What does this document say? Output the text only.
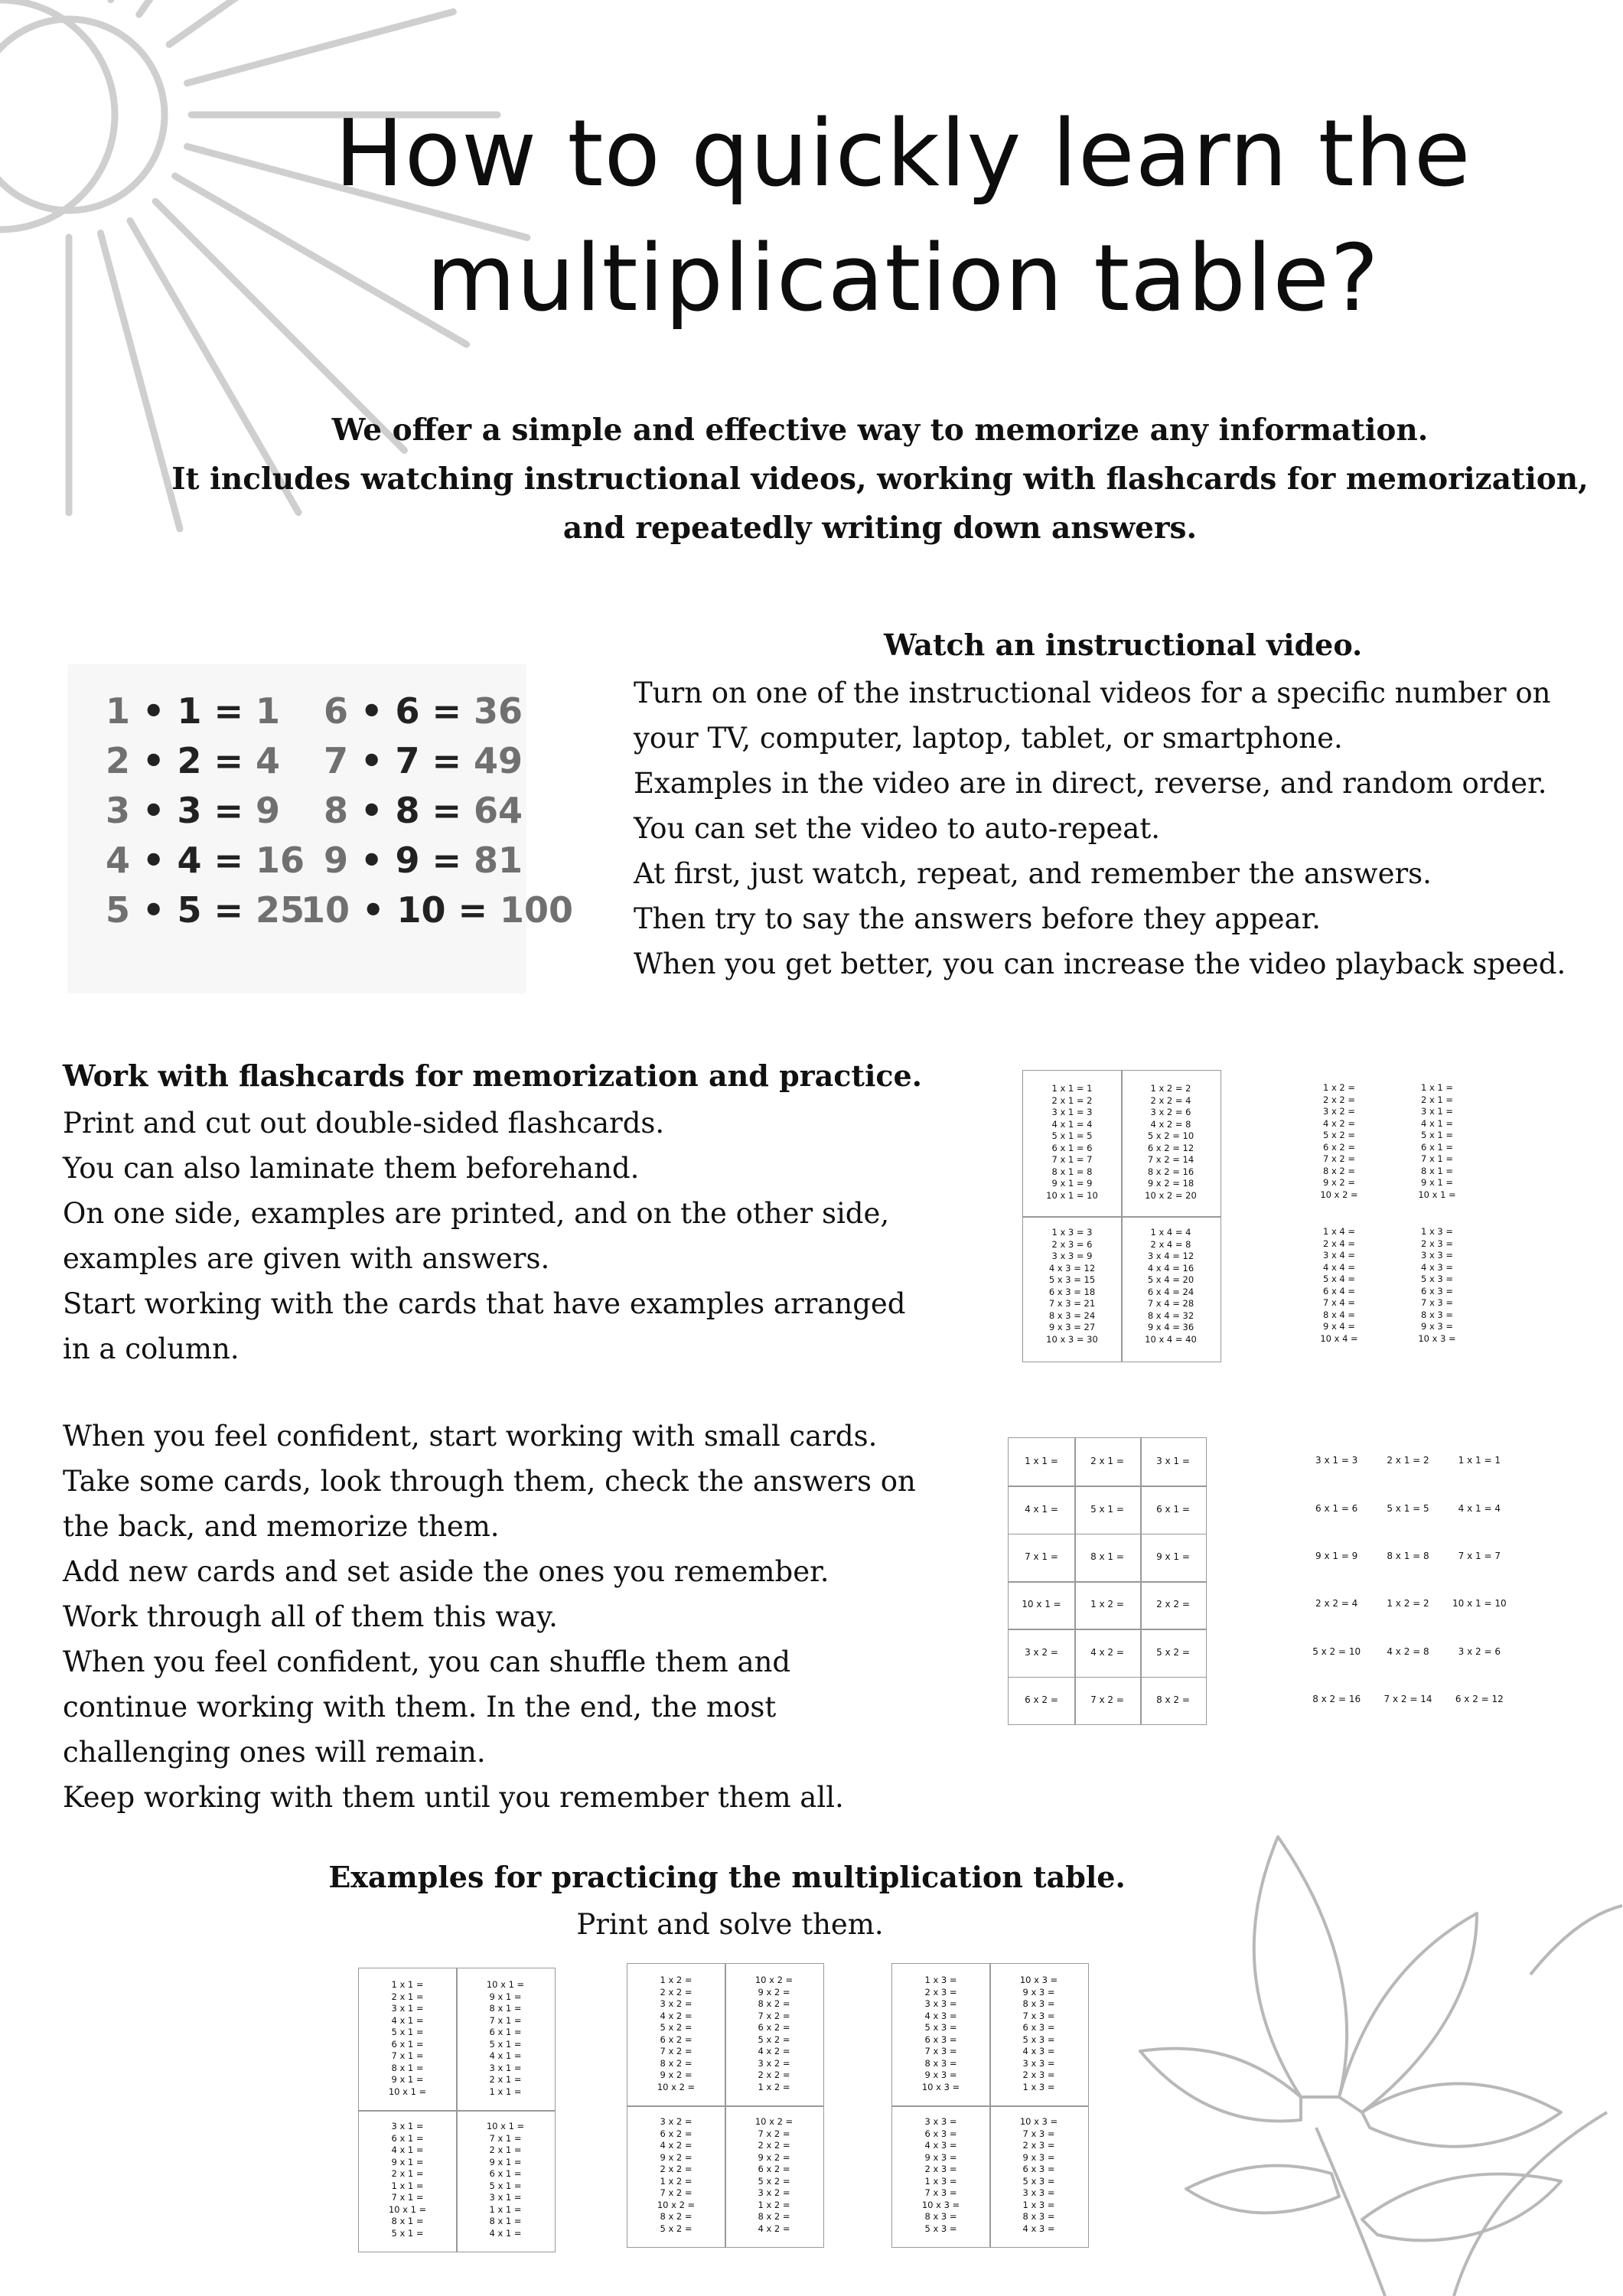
How to quickly learn the
multiplication table?
We offer a simple and effective way to memorize any information.
It includes watching instructional videos, working with flashcards for memorization,
and repeatedly writing down answers.
1 • 1 = 1
2 • 2 = 4
3 • 3 = 9
4 • 4 = 16
5 • 5 = 25
6 • 6 = 36
7 • 7 = 49
8 • 8 = 64
9 • 9 = 81
10 • 10 = 100
Watch an instructional video.
Turn on one of the instructional videos for a specific number on
your TV, computer, laptop, tablet, or smartphone.
Examples in the video are in direct, reverse, and random order.
You can set the video to auto-repeat.
At first, just watch, repeat, and remember the answers.
Then try to say the answers before they appear.
When you get better, you can increase the video playback speed.
Work with flashcards for memorization and practice.
Print and cut out double-sided flashcards.
You can also laminate them beforehand.
On one side, examples are printed, and on the other side,
examples are given with answers.
Start working with the cards that have examples arranged
in a column.
When you feel confident, start working with small cards.
Take some cards, look through them, check the answers on
the back, and memorize them.
Add new cards and set aside the ones you remember.
Work through all of them this way.
When you feel confident, you can shuffle them and
continue working with them. In the end, the most
challenging ones will remain.
Keep working with them until you remember them all.
Examples for practicing the multiplication table.
Print and solve them.
1 x 1 = 1
2 x 1 = 2
3 x 1 = 3
4 x 1 = 4
5 x 1 = 5
6 x 1 = 6
7 x 1 = 7
8 x 1 = 8
9 x 1 = 9
10 x 1 = 10
1 x 2 = 2
2 x 2 = 4
3 x 2 = 6
4 x 2 = 8
5 x 2 = 10
6 x 2 = 12
7 x 2 = 14
8 x 2 = 16
9 x 2 = 18
10 x 2 = 20
1 x 3 = 3
2 x 3 = 6
3 x 3 = 9
4 x 3 = 12
5 x 3 = 15
6 x 3 = 18
7 x 3 = 21
8 x 3 = 24
9 x 3 = 27
10 x 3 = 30
1 x 4 = 4
2 x 4 = 8
3 x 4 = 12
4 x 4 = 16
5 x 4 = 20
6 x 4 = 24
7 x 4 = 28
8 x 4 = 32
9 x 4 = 36
10 x 4 = 40
1 x 2 =
2 x 2 =
3 x 2 =
4 x 2 =
5 x 2 =
6 x 2 =
7 x 2 =
8 x 2 =
9 x 2 =
10 x 2 =
1 x 1 =
2 x 1 =
3 x 1 =
4 x 1 =
5 x 1 =
6 x 1 =
7 x 1 =
8 x 1 =
9 x 1 =
10 x 1 =
1 x 4 =
2 x 4 =
3 x 4 =
4 x 4 =
5 x 4 =
6 x 4 =
7 x 4 =
8 x 4 =
9 x 4 =
10 x 4 =
1 x 3 =
2 x 3 =
3 x 3 =
4 x 3 =
5 x 3 =
6 x 3 =
7 x 3 =
8 x 3 =
9 x 3 =
10 x 3 =
1 x 1 =	2 x 1 =	3 x 1 =
4 x 1 =	5 x 1 =	6 x 1 =
7 x 1 =	8 x 1 =	9 x 1 =
10 x 1 =	1 x 2 =	2 x 2 =
3 x 2 =	4 x 2 =	5 x 2 =
6 x 2 =	7 x 2 =	8 x 2 =
3 x 1 = 3	2 x 1 = 2	1 x 1 = 1
6 x 1 = 6	5 x 1 = 5	4 x 1 = 4
9 x 1 = 9	8 x 1 = 8	7 x 1 = 7
2 x 2 = 4	1 x 2 = 2	10 x 1 = 10
5 x 2 = 10	4 x 2 = 8	3 x 2 = 6
8 x 2 = 16	7 x 2 = 14	6 x 2 = 12
1 x 1 =
2 x 1 =
3 x 1 =
4 x 1 =
5 x 1 =
6 x 1 =
7 x 1 =
8 x 1 =
9 x 1 =
10 x 1 =
10 x 1 =
9 x 1 =
8 x 1 =
7 x 1 =
6 x 1 =
5 x 1 =
4 x 1 =
3 x 1 =
2 x 1 =
1 x 1 =
3 x 1 =
6 x 1 =
4 x 1 =
9 x 1 =
2 x 1 =
1 x 1 =
7 x 1 =
10 x 1 =
8 x 1 =
5 x 1 =
10 x 1 =
7 x 1 =
2 x 1 =
9 x 1 =
6 x 1 =
5 x 1 =
3 x 1 =
1 x 1 =
8 x 1 =
4 x 1 =
1 x 2 =
2 x 2 =
3 x 2 =
4 x 2 =
5 x 2 =
6 x 2 =
7 x 2 =
8 x 2 =
9 x 2 =
10 x 2 =
10 x 2 =
9 x 2 =
8 x 2 =
7 x 2 =
6 x 2 =
5 x 2 =
4 x 2 =
3 x 2 =
2 x 2 =
1 x 2 =
3 x 2 =
6 x 2 =
4 x 2 =
9 x 2 =
2 x 2 =
1 x 2 =
7 x 2 =
10 x 2 =
8 x 2 =
5 x 2 =
10 x 2 =
7 x 2 =
2 x 2 =
9 x 2 =
6 x 2 =
5 x 2 =
3 x 2 =
1 x 2 =
8 x 2 =
4 x 2 =
1 x 3 =
2 x 3 =
3 x 3 =
4 x 3 =
5 x 3 =
6 x 3 =
7 x 3 =
8 x 3 =
9 x 3 =
10 x 3 =
10 x 3 =
9 x 3 =
8 x 3 =
7 x 3 =
6 x 3 =
5 x 3 =
4 x 3 =
3 x 3 =
2 x 3 =
1 x 3 =
3 x 3 =
6 x 3 =
4 x 3 =
9 x 3 =
2 x 3 =
1 x 3 =
7 x 3 =
10 x 3 =
8 x 3 =
5 x 3 =
10 x 3 =
7 x 3 =
2 x 3 =
9 x 3 =
6 x 3 =
5 x 3 =
3 x 3 =
1 x 3 =
8 x 3 =
4 x 3 =
